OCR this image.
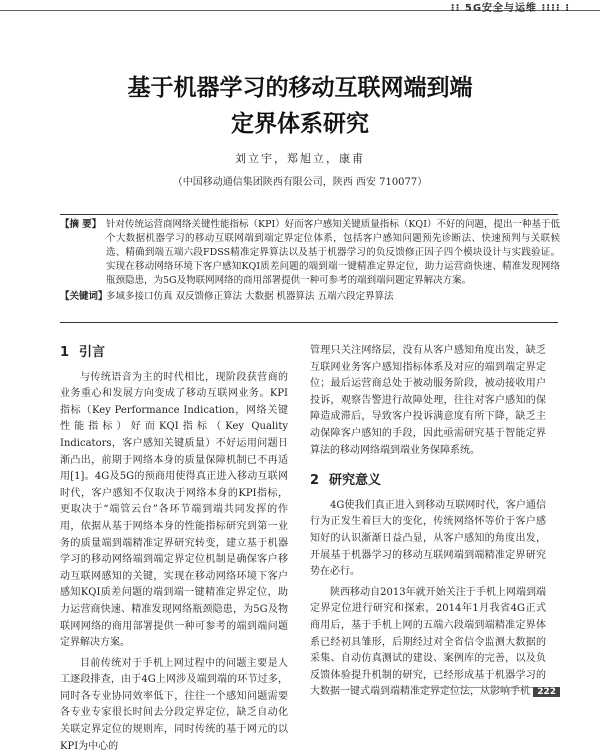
⁝⁝ 5G安全与运维 ⁝⁝⁝⁝ ⁝
基于机器学习的移动互联网端到端
定界体系研究
刘立宇，郑旭立，康甫
（中国移动通信集团陕西有限公司，陕西 西安 710077）
【摘 要】 针对传统运营商网络关键性能指标（KPI）好而客户感知关键质量指标（KQI）不好的问题，提出一种基于低个大数据机器学习的移动互联网端到端定界定位体系，包括客户感知问题预先诊断法、快速预判与关联候选、精确到端五端六段FDSS精准定界算法以及基于机器学习的负反馈修正因子四个模块设计与实践验证。实现在移动网络环境下客户感知KQI质差问题的端到端一键精准定界定位，助力运营商快速、精准发现网络瓶颈隐患，为5G及物联网网络的商用部署提供一种可参考的端到端问题定界解决方案。
【关键词】
多域多接口仿真 双反馈修正算法 大数据 机器算法 五端六段定界算法
1 引言

与传统语音为主的时代相比，现阶段获营商的业务重心和发展方向变成了移动互联网业务。KPI指标（Key Performance Indication，网络关键性能指标）好而KQI指标（Key Quality Indicators，客户感知关键质量）不好运用问题日渐凸出，前期于网络本身的质量保障机制已不再适用[1]。4G及5G的预商用使得真正进入移动互联网时代，客户感知不仅取决于网络本身的KPI指标，更取决于“端管云台”各环节端到端共同发挥的作用，依据从基于网络本身的性能指标研究到第一业务的质量端到端精准定界研究转变，建立基于机器学习的移动网络端到端定界定位机制是确保客户移动互联网感知的关键，实现在移动网络环境下客户感知KQI质差问题的端到端一键精准定界定位，助力运营商快速、精准发现网络瓶颈隐患，为5G及物联网网络的商用部署提供一种可参考的端到端问题定界解决方案。

目前传统对于手机上网过程中的问题主要是人工逐段排查，由于4G上网涉及端到端的环节过多，同时各专业协同效率低下，往往一个感知问题需要各专业专家很长时间去分段定界定位，缺乏自动化关联定界定位的规则库，同时传统的基于网元的以KPI为中心的

管理只关注网络层，没有从客户感知角度出发，缺乏互联网业务客户感知指标体系及对应的端到端定界定位；最后运营商总处于被动服务阶段，被动接收用户投诉，观察告警进行故障处理，往往对客户感知的保障造成滞后，导致客户投诉满意度有所下降，缺乏主动保障客户感知的手段，因此亟需研究基于智能定界算法的移动网络端到端业务保障系统。

2 研究意义

4G使我们真正进入到移动互联网时代，客户通信行为正发生着巨大的变化，传统网络怀等价于客户感知好的认识渐渐日益凸显，从客户感知的角度出发，开展基于机器学习的移动互联网端到端精准定界研究势在必行。

陕西移动自2013年就开始关注于手机上网端到端定界定位进行研究和探索，2014年1月我省4G正式商用后，基于手机上网的五端六段端到端精准定界体系已经初具雏形，后期经过对全省信令监测大数据的采集、自动仿真测试的建设、案例库的完善，以及负反馈体验提升机制的研究，已经形成基于机器学习的大数据一键式端到端精准定界定位法，从影响手机 222
